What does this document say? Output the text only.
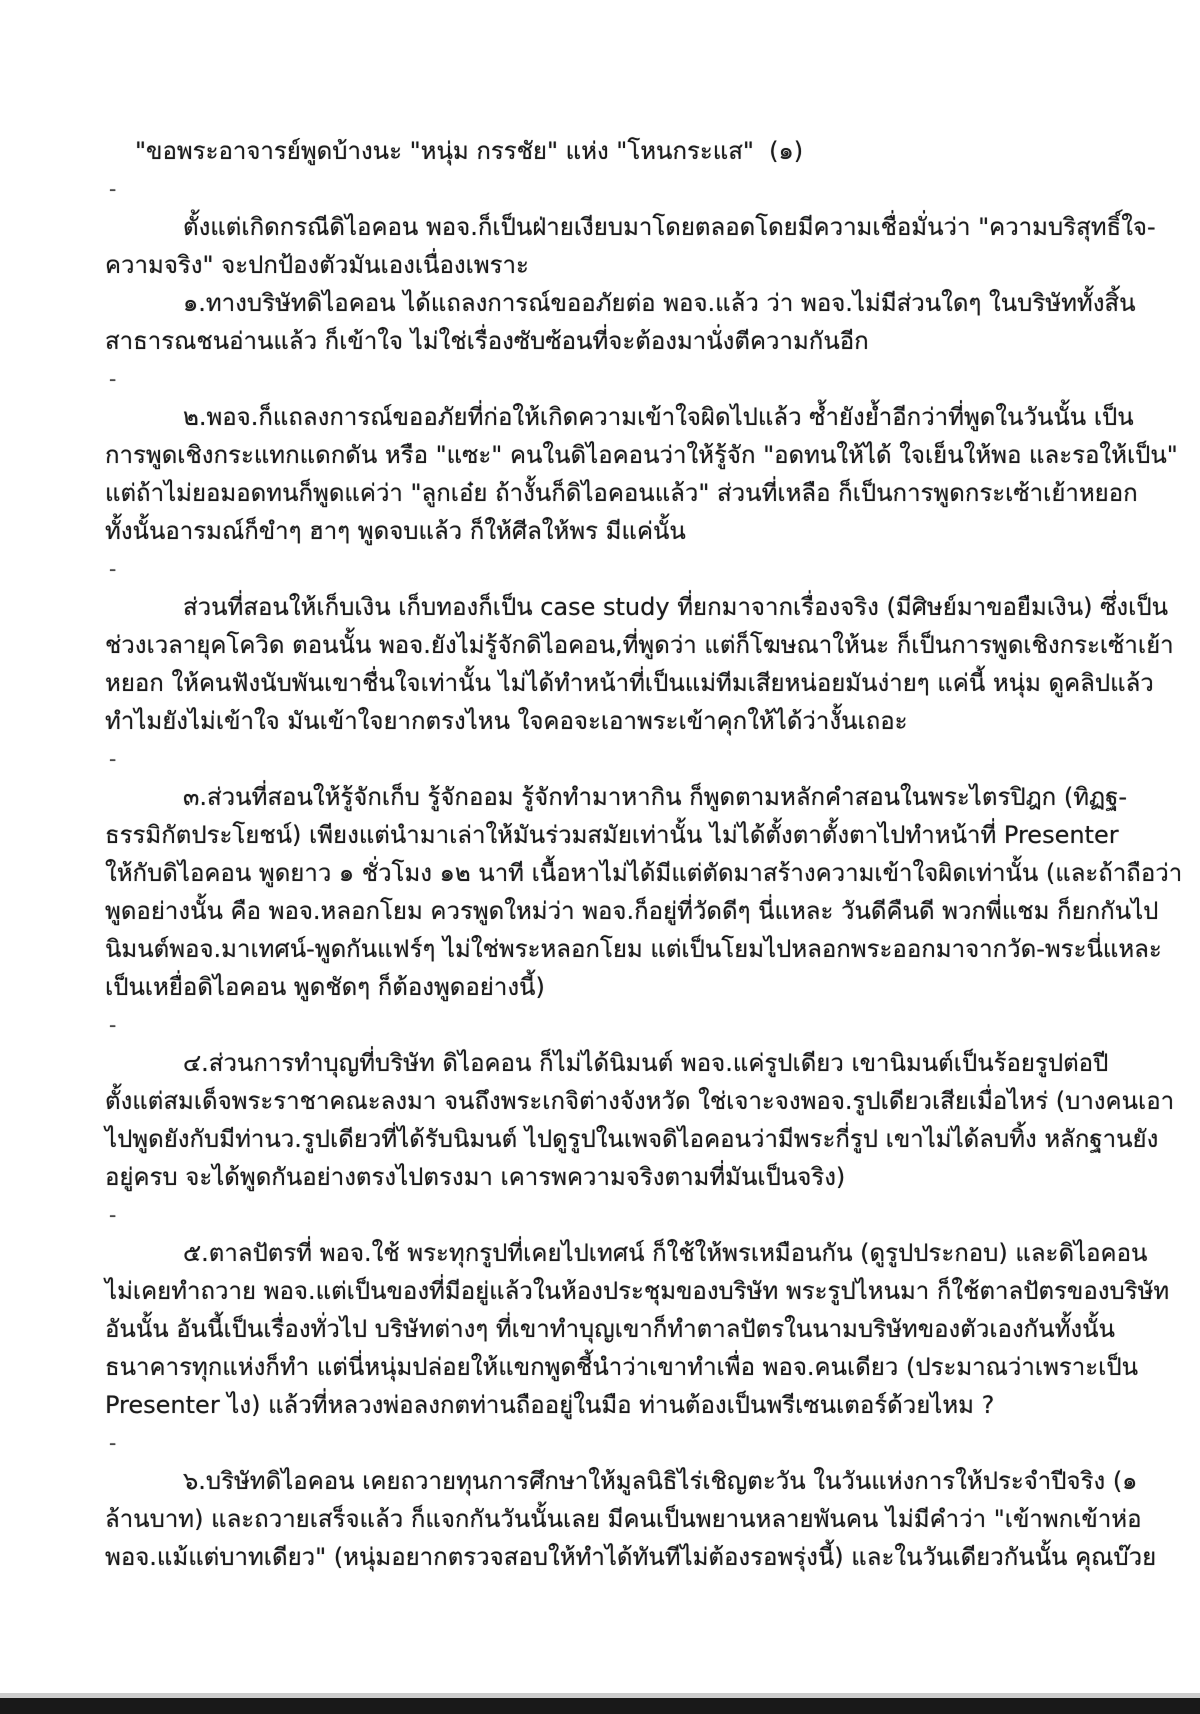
"ขอพระอาจารย์พูดบ้างนะ "หนุ่ม กรรชัย" แห่ง "โหนกระแส"  (๑)
-
ตั้งแต่เกิดกรณีดิไอคอน พอจ.ก็เป็นฝ่ายเงียบมาโดยตลอดโดยมีความเชื่อมั่นว่า "ความบริสุทธิ์ใจ-
ความจริง" จะปกป้องตัวมันเองเนื่องเพราะ
๑.ทางบริษัทดิไอคอน ได้แถลงการณ์ขออภัยต่อ พอจ.แล้ว ว่า พอจ.ไม่มีส่วนใดๆ ในบริษัททั้งสิ้น
สาธารณชนอ่านแล้ว ก็เข้าใจ ไม่ใช่เรื่องซับซ้อนที่จะต้องมานั่งตีความกันอีก
-
๒.พอจ.ก็แถลงการณ์ขออภัยที่ก่อให้เกิดความเข้าใจผิดไปแล้ว ซ้ำยังย้ำอีกว่าที่พูดในวันนั้น เป็น
การพูดเชิงกระแทกแดกดัน หรือ "แซะ" คนในดิไอคอนว่าให้รู้จัก "อดทนให้ได้ ใจเย็นให้พอ และรอให้เป็น"
แต่ถ้าไม่ยอมอดทนก็พูดแค่ว่า "ลูกเอ๋ย ถ้างั้นก็ดิไอคอนแล้ว" ส่วนที่เหลือ ก็เป็นการพูดกระเซ้าเย้าหยอก
ทั้งนั้นอารมณ์ก็ขำๆ ฮาๆ พูดจบแล้ว ก็ให้ศีลให้พร มีแค่นั้น
-
ส่วนที่สอนให้เก็บเงิน เก็บทองก็เป็น case study ที่ยกมาจากเรื่องจริง (มีศิษย์มาขอยืมเงิน) ซึ่งเป็น
ช่วงเวลายุคโควิด ตอนนั้น พอจ.ยังไม่รู้จักดิไอคอน,ที่พูดว่า แต่ก็โฆษณาให้นะ ก็เป็นการพูดเชิงกระเซ้าเย้า
หยอก ให้คนฟังนับพันเขาชื่นใจเท่านั้น ไม่ได้ทำหน้าที่เป็นแม่ทีมเสียหน่อยมันง่ายๆ แค่นี้ หนุ่ม ดูคลิปแล้ว
ทำไมยังไม่เข้าใจ มันเข้าใจยากตรงไหน ใจคอจะเอาพระเข้าคุกให้ได้ว่างั้นเถอะ
-
๓.ส่วนที่สอนให้รู้จักเก็บ รู้จักออม รู้จักทำมาหากิน ก็พูดตามหลักคำสอนในพระไตรปิฎก (ทิฏฐ-
ธรรมิกัตประโยชน์) เพียงแต่นำมาเล่าให้มันร่วมสมัยเท่านั้น ไม่ได้ตั้งตาตั้งตาไปทำหน้าที่ Presenter
ให้กับดิไอคอน พูดยาว ๑ ชั่วโมง ๑๒ นาที เนื้อหาไม่ได้มีแต่ตัดมาสร้างความเข้าใจผิดเท่านั้น (และถ้าถือว่า
พูดอย่างนั้น คือ พอจ.หลอกโยม ควรพูดใหม่ว่า พอจ.ก็อยู่ที่วัดดีๆ นี่แหละ วันดีคืนดี พวกพี่แชม ก็ยกกันไป
นิมนต์พอจ.มาเทศน์-พูดกันแฟร์ๆ ไม่ใช่พระหลอกโยม แต่เป็นโยมไปหลอกพระออกมาจากวัด-พระนี่แหละ
เป็นเหยื่อดิไอคอน พูดชัดๆ ก็ต้องพูดอย่างนี้)
-
๔.ส่วนการทำบุญที่บริษัท ดิไอคอน ก็ไม่ได้นิมนต์ พอจ.แค่รูปเดียว เขานิมนต์เป็นร้อยรูปต่อปี
ตั้งแต่สมเด็จพระราชาคณะลงมา จนถึงพระเกจิต่างจังหวัด ใช่เจาะจงพอจ.รูปเดียวเสียเมื่อไหร่ (บางคนเอา
ไปพูดยังกับมีท่านว.รูปเดียวที่ได้รับนิมนต์ ไปดูรูปในเพจดิไอคอนว่ามีพระกี่รูป เขาไม่ได้ลบทิ้ง หลักฐานยัง
อยู่ครบ จะได้พูดกันอย่างตรงไปตรงมา เคารพความจริงตามที่มันเป็นจริง)
-
๕.ตาลปัตรที่ พอจ.ใช้ พระทุกรูปที่เคยไปเทศน์ ก็ใช้ให้พรเหมือนกัน (ดูรูปประกอบ) และดิไอคอน
ไม่เคยทำถวาย พอจ.แต่เป็นของที่มีอยู่แล้วในห้องประชุมของบริษัท พระรูปไหนมา ก็ใช้ตาลปัตรของบริษัท
อันนั้น อันนี้เป็นเรื่องทั่วไป บริษัทต่างๆ ที่เขาทำบุญเขาก็ทำตาลปัตรในนามบริษัทของตัวเองกันทั้งนั้น
ธนาคารทุกแห่งก็ทำ แต่นี่หนุ่มปล่อยให้แขกพูดชี้นำว่าเขาทำเพื่อ พอจ.คนเดียว (ประมาณว่าเพราะเป็น
Presenter ไง) แล้วที่หลวงพ่อลงกตท่านถืออยู่ในมือ ท่านต้องเป็นพรีเซนเตอร์ด้วยไหม ?
-
๖.บริษัทดิไอคอน เคยถวายทุนการศึกษาให้มูลนิธิไร่เชิญตะวัน ในวันแห่งการให้ประจำปีจริง (๑
ล้านบาท) และถวายเสร็จแล้ว ก็แจกกันวันนั้นเลย มีคนเป็นพยานหลายพันคน ไม่มีคำว่า "เข้าพกเข้าห่อ
พอจ.แม้แต่บาทเดียว" (หนุ่มอยากตรวจสอบให้ทำได้ทันทีไม่ต้องรอพรุ่งนี้) และในวันเดียวกันนั้น คุณบ๊วย
